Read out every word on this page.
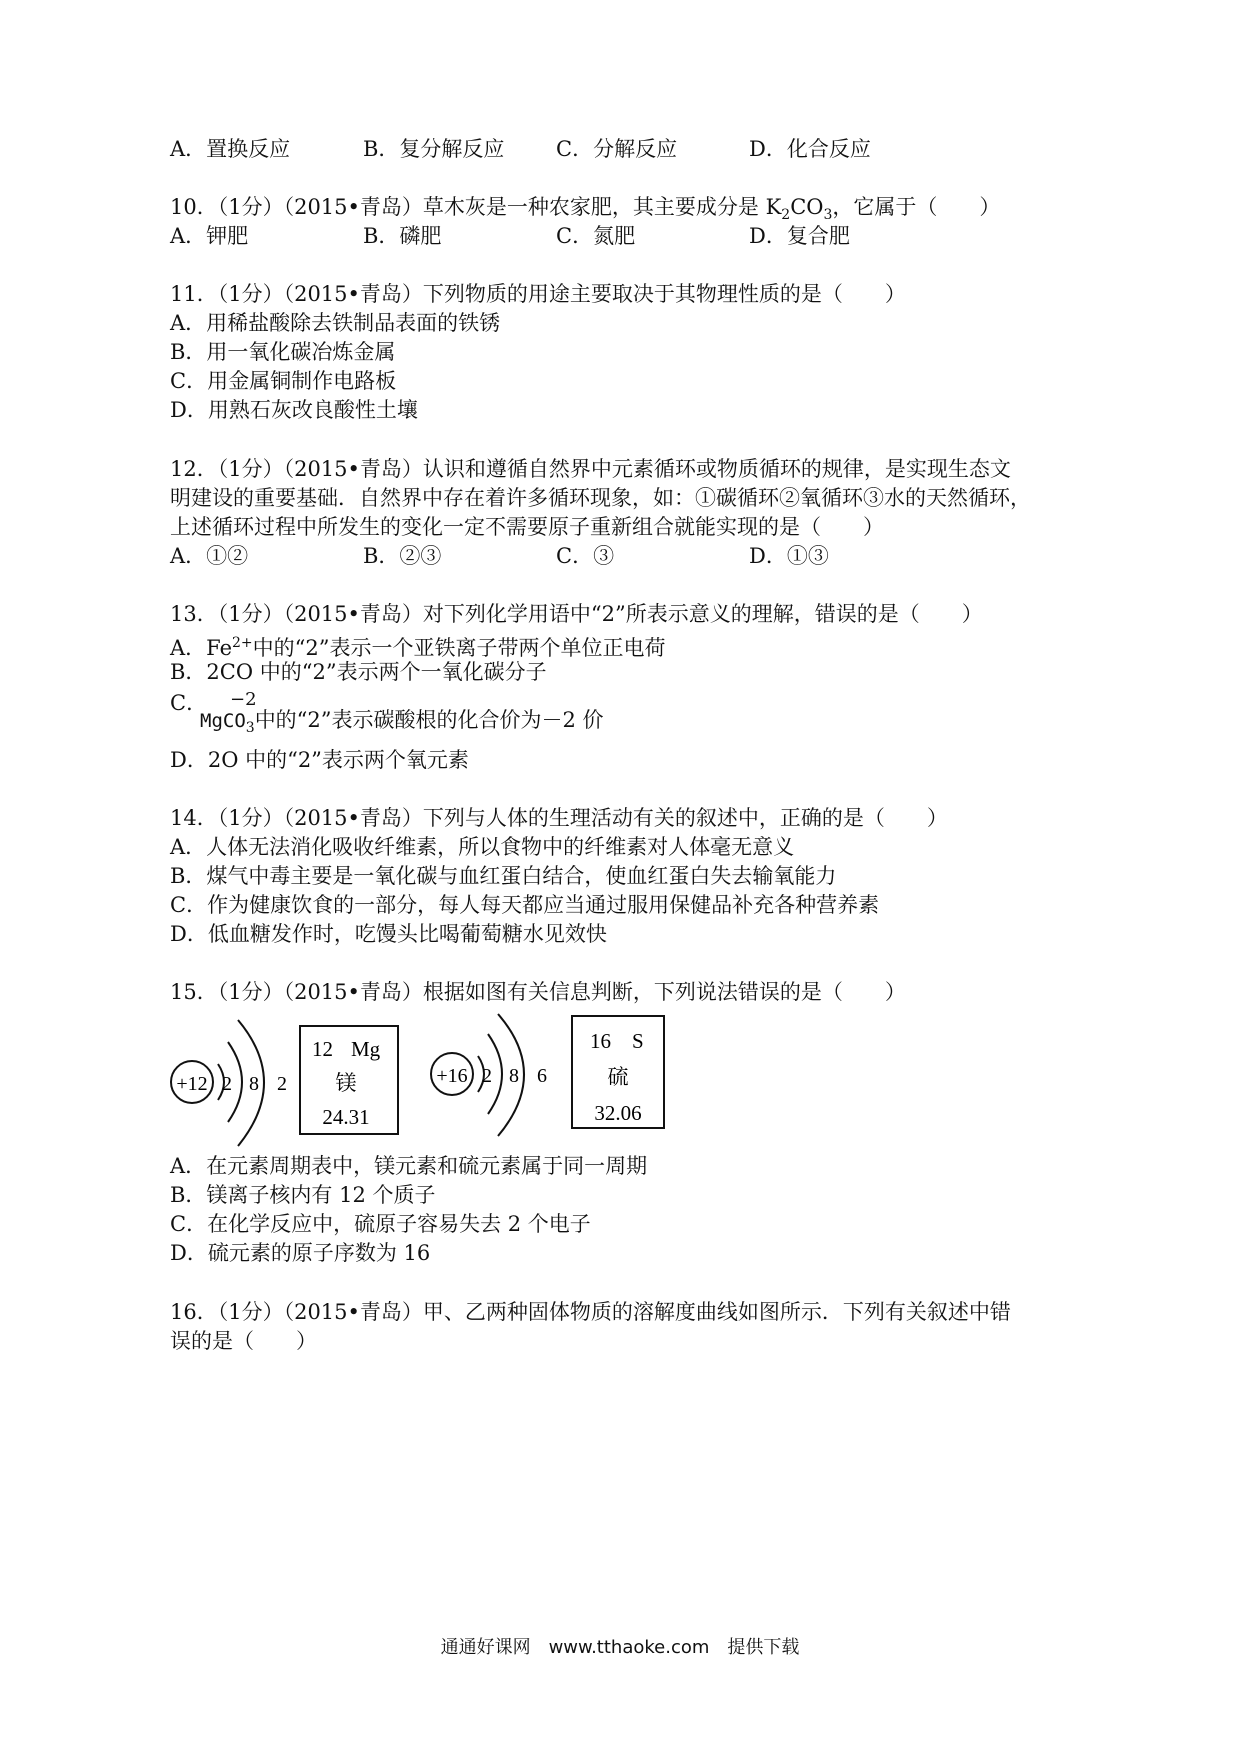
A．置换反应	B．复分解反应 C．分解反应	D．化合反应
10．（1分）（2015•青岛）草木灰是一种农家肥，其主要成分是 $K_2CO_3$，它属于（　　）
A．钾肥	B．磷肥	C．氮肥	D．复合肥
11．（1分）（2015•青岛）下列物质的用途主要取决于其物理性质的是（　　）
A．用稀盐酸除去铁制品表面的铁锈
B．用一氧化碳冶炼金属
C．用金属铜制作电路板
D．用熟石灰改良酸性土壤
12．（1分）（2015•青岛）认识和遵循自然界中元素循环或物质循环的规律，是实现生态文
明建设的重要基础．自然界中存在着许多循环现象，如：①碳循环②氧循环③水的天然循环，
上述循环过程中所发生的变化一定不需要原子重新组合就能实现的是（　　）
A．①②	B．②③	C．③	D．①③
13．（1分）（2015•青岛）对下列化学用语中“2”所表示意义的理解，错误的是（　　）
A．$Fe^{2+}$中的“2”表示一个亚铁离子带两个单位正电荷
B．2CO 中的“2”表示两个一氧化碳分子
C． −2
MgCO$_3$中的“2”表示碳酸根的化合价为－2 价
D．2O 中的“2”表示两个氧元素
14．（1分）（2015•青岛）下列与人体的生理活动有关的叙述中，正确的是（　　）
A．人体无法消化吸收纤维素，所以食物中的纤维素对人体毫无意义
B．煤气中毒主要是一氧化碳与血红蛋白结合，使血红蛋白失去输氧能力
C．作为健康饮食的一部分，每人每天都应当通过服用保健品补充各种营养素
D．低血糖发作时，吃馒头比喝葡萄糖水见效快
15．（1分）（2015•青岛）根据如图有关信息判断，下列说法错误的是（　　）
+12 2 8 2
12 Mg
镁
24.31
+16 2 8 6
16 S
硫
32.06
A．在元素周期表中，镁元素和硫元素属于同一周期
B．镁离子核内有 12 个质子
C．在化学反应中，硫原子容易失去 2 个电子
D．硫元素的原子序数为 16
16．（1分）（2015•青岛）甲、乙两种固体物质的溶解度曲线如图所示．下列有关叙述中错
误的是（　　）
通通好课网　www.tthaoke.com　提供下载
